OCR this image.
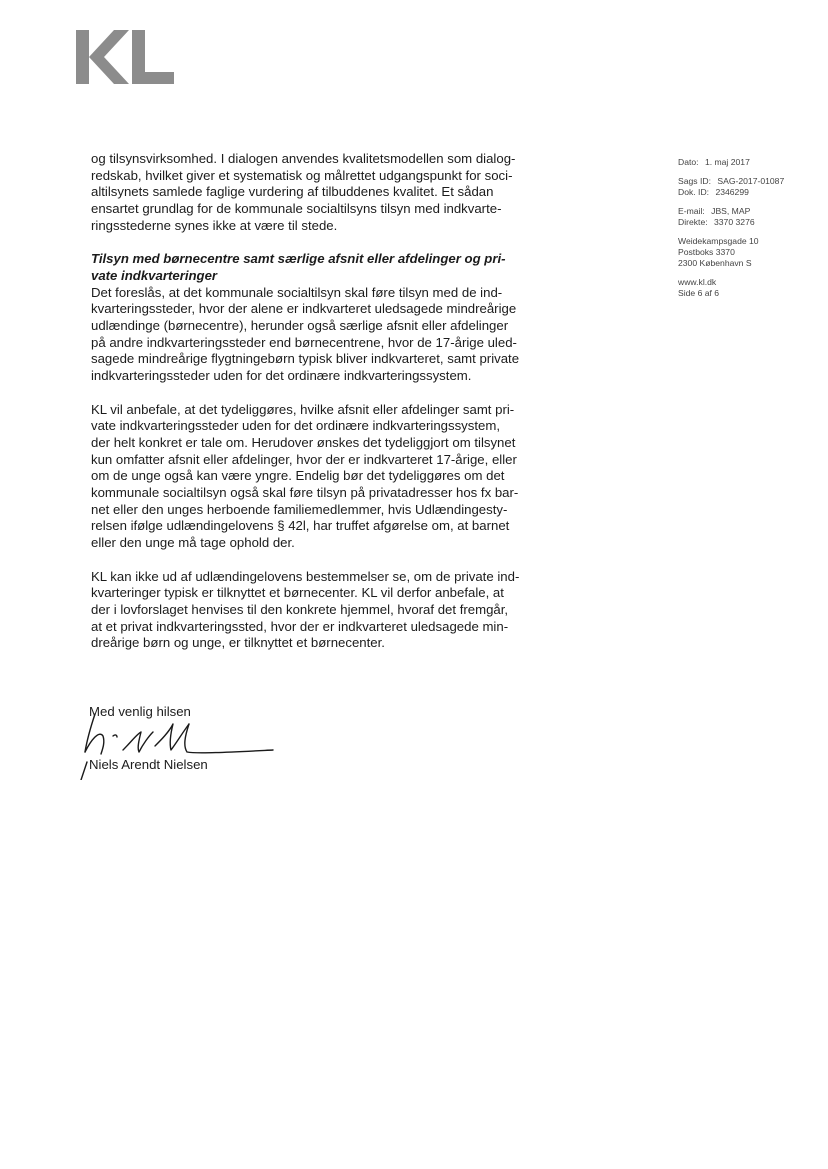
og tilsynsvirksomhed. I dialogen anvendes kvalitetsmodellen som dialog-
redskab, hvilket giver et systematisk og målrettet udgangspunkt for soci-
altilsynets samlede faglige vurdering af tilbuddenes kvalitet. Et sådan
ensartet grundlag for de kommunale socialtilsyns tilsyn med indkvarte-
ringsstederne synes ikke at være til stede.

Tilsyn med børnecentre samt særlige afsnit eller afdelinger og pri-
vate indkvarteringer

Det foreslås, at det kommunale socialtilsyn skal føre tilsyn med de ind-
kvarteringssteder, hvor der alene er indkvarteret uledsagede mindreårige
udlændinge (børnecentre), herunder også særlige afsnit eller afdelinger
på andre indkvarteringssteder end børnecentrene, hvor de 17-årige uled-
sagede mindreårige flygtningebørn typisk bliver indkvarteret, samt private
indkvarteringssteder uden for det ordinære indkvarteringssystem.

KL vil anbefale, at det tydeliggøres, hvilke afsnit eller afdelinger samt pri-
vate indkvarteringssteder uden for det ordinære indkvarteringssystem,
der helt konkret er tale om. Herudover ønskes det tydeliggjort om tilsynet
kun omfatter afsnit eller afdelinger, hvor der er indkvarteret 17-årige, eller
om de unge også kan være yngre. Endelig bør det tydeliggøres om det
kommunale socialtilsyn også skal føre tilsyn på privatadresser hos fx bar-
net eller den unges herboende familiemedlemmer, hvis Udlændingesty-
relsen ifølge udlændingelovens § 42l, har truffet afgørelse om, at barnet
eller den unge må tage ophold der.

KL kan ikke ud af udlændingelovens bestemmelser se, om de private ind-
kvarteringer typisk er tilknyttet et børnecenter. KL vil derfor anbefale, at
der i lovforslaget henvises til den konkrete hjemmel, hvoraf det fremgår,
at et privat indkvarteringssted, hvor der er indkvarteret uledsagede min-
dreårige børn og unge, er tilknyttet et børnecenter.

Med venlig hilsen
Niels Arendt Nielsen
Dato: 1. maj 2017
Sags ID: SAG-2017-01087
Dok. ID: 2346299
E-mail: JBS, MAP
Direkte: 3370 3276
Weidekampsgade 10
Postboks 3370
2300 København S
www.kl.dk
Side 6 af 6
